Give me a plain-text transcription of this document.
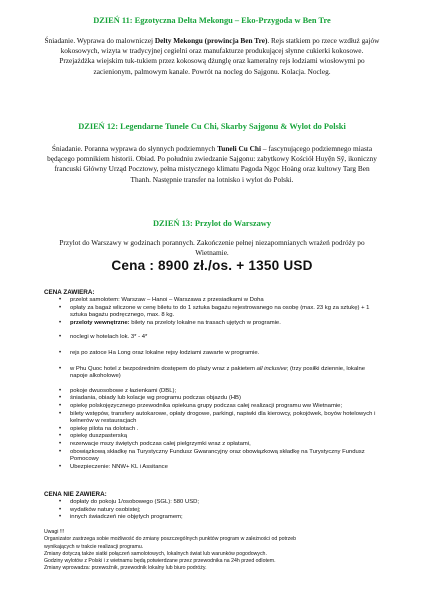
DZIEŃ 11: Egzotyczna Delta Mekongu – Eko-Przygoda w Ben Tre
Śniadanie. Wyprawa do malowniczej Delty Mekongu (prowincja Ben Tre). Rejs statkiem po rzece wzdłuż gajów kokosowych, wizyta w tradycyjnej cegielni oraz manufakturze produkującej słynne cukierki kokosowe. Przejażdżka wiejskim tuk-tukiem przez kokosową dżunglę oraz kameralny rejs łodziami wiosłowymi po zacienionym, palmowym kanale. Powrót na nocleg do Sajgonu. Kolacja. Nocleg.
DZIEŃ 12: Legendarne Tunele Cu Chi, Skarby Sajgonu & Wylot do Polski
Śniadanie. Poranna wyprawa do słynnych podziemnych Tuneli Cu Chi – fascynującego podziemnego miasta będącego pomnikiem historii. Obiad. Po południu zwiedzanie Sajgonu: zabytkowy Kościół Huyện Sỹ, ikoniczny francuski Główny Urząd Pocztowy, pełna mistycznego klimatu Pagoda Ngọc Hoàng oraz kultowy Targ Ben Thanh. Następnie transfer na lotnisko i wylot do Polski.
DZIEŃ 13: Przylot do Warszawy
Przylot do Warszawy w godzinach porannych. Zakończenie pełnej niezapomnianych wrażeń podróży po Wietnamie.
Cena : 8900 zł./os. + 1350 USD
CENA ZAWIERA:
• przelot samolotem: Warszaw – Hanoi – Warszawa z przesiadkami w Doha
• opłaty za bagaż wliczone w cenę biletu to do 1 sztuka bagażu rejestrowanego na osobę (max. 23 kg za sztukę) + 1 sztuka bagażu podręcznego, max. 8 kg.
• przeloty wewnętrzne: bilety na przeloty lokalne na trasach ujętych w programie.
• noclegi w hotelach lok. 3* - 4*
• rejs po zatoce Ha Long oraz lokalne rejsy łodziami zawarte w programie.
• w Phu Quoc hotel z bezpośrednim dostępem do plaży wraz z pakietem all inclusive; (trzy posiłki dziennie, lokalne napoje alkoholowe)
• pokoje dwuosobowe z łazienkami (DBL);
• śniadania, obiady lub kolacje wg programu podczas objazdu (HB)
• opiekę polskojęzycznego przewodnika opiekuna grupy podczas całej realizacji programu ww Wietnamie;
• bilety wstępów, transfery autokarowe, opłaty drogowe, parkingi, napiwki dla kierowcy, pokojówek, boyów hotelowych i kelnerów w restauracjach
• opiekę pilota na dolotach .
• opiekę duszpasterską
• rezerwacje mszy świętych podczas całej pielgrzymki wraz z opłatami,
• obowiązkową składkę na Turystyczny Fundusz Gwarancyjny oraz obowiązkową składkę na Turystyczny Fundusz Pomocowy
• Ubezpieczenie: NNW+ KL i Assitance
CENA NIE ZAWIERA:
• dopłaty do pokoju 1/osobowego (SGL): 580 USD;
• wydatków natury osobistej;
• innych świadczeń nie objętych programem;
Uwagi !!!
Organizator zastrzega sobie możliwość do zmiany poszczególnych punktów program w zależności od potrzeb
wynikających w trakcie realizacji programu.
Zmiany dotyczą także siatki połączeń samolotowych, lokalnych świat lub warunków pogodowych.
Godziny wylotów z Polski i z wietnamu będą potwierdzane przez przewodnika na 24h przed odlotem.
Zmiany wprowadza: przewoźnik, przewodnik lokalny lub biuro podróży.
